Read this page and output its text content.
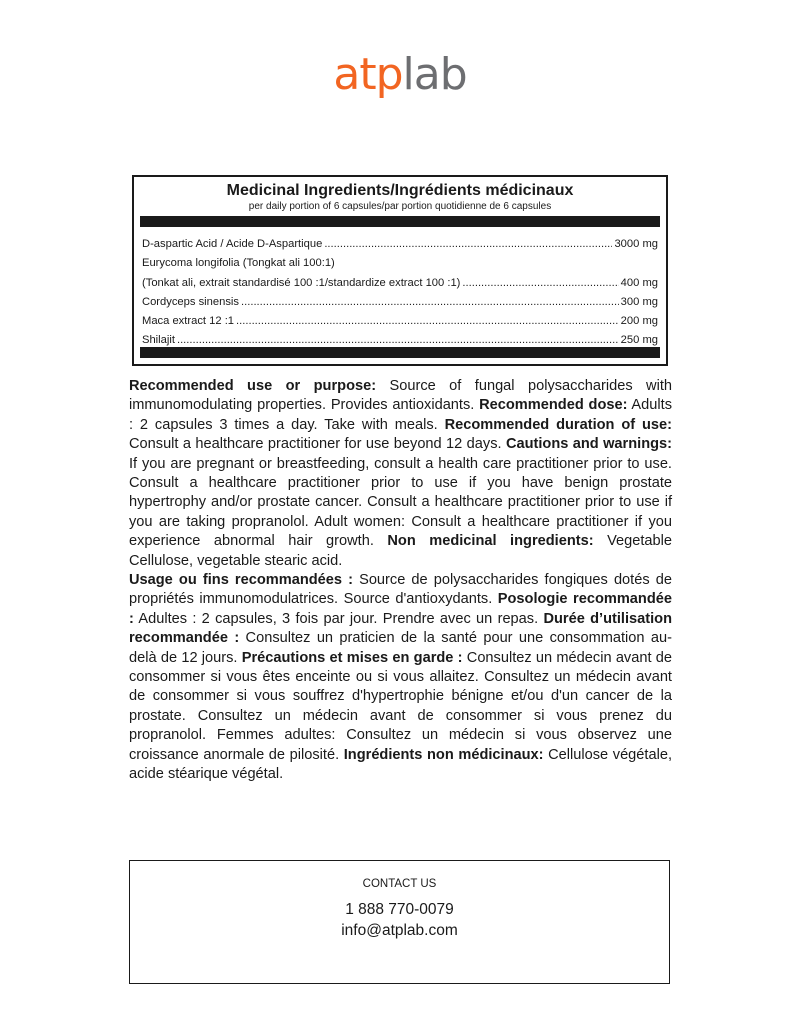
atplab
Medicinal Ingredients/Ingrédients médicinaux
per daily portion of 6 capsules/par portion quotidienne de 6 capsules
D-aspartic Acid / Acide D-Aspartique .....	3000 mg
Eurycoma longifolia (Tongkat ali 100:1)
(Tonkat ali, extrait standardisé 100 :1/standardize extract 100 :1) .....	400 mg
Cordyceps sinensis .....	300 mg
Maca extract 12 :1 .....	200 mg
Shilajit .....	250 mg
Recommended use or purpose: Source of fungal polysaccharides with immunomodulating properties. Provides antioxidants. Recommended dose: Adults : 2 capsules 3 times a day. Take with meals. Recommended duration of use: Consult a healthcare practitioner for use beyond 12 days. Cautions and warnings: If you are pregnant or breastfeeding, consult a health care practitioner prior to use. Consult a healthcare practitioner prior to use if you have benign prostate hypertrophy and/or prostate cancer. Consult a healthcare practitioner prior to use if you are taking propranolol. Adult women: Consult a healthcare practitioner if you experience abnormal hair growth. Non medicinal ingredients: Vegetable Cellulose, vegetable stearic acid.
Usage ou fins recommandées : Source de polysaccharides fongiques dotés de propriétés immunomodulatrices. Source d'antioxydants. Posologie recommandée : Adultes : 2 capsules, 3 fois par jour. Prendre avec un repas. Durée d’utilisation recommandée : Consultez un praticien de la santé pour une consommation au-delà de 12 jours. Précautions et mises en garde : Consultez un médecin avant de consommer si vous êtes enceinte ou si vous allaitez. Consultez un médecin avant de consommer si vous souffrez d'hypertrophie bénigne et/ou d'un cancer de la prostate. Consultez un médecin avant de consommer si vous prenez du propranolol. Femmes adultes: Consultez un médecin si vous observez une croissance anormale de pilosité. Ingrédients non médicinaux: Cellulose végétale, acide stéarique végétal.
CONTACT US
1 888 770-0079
info@atplab.com
